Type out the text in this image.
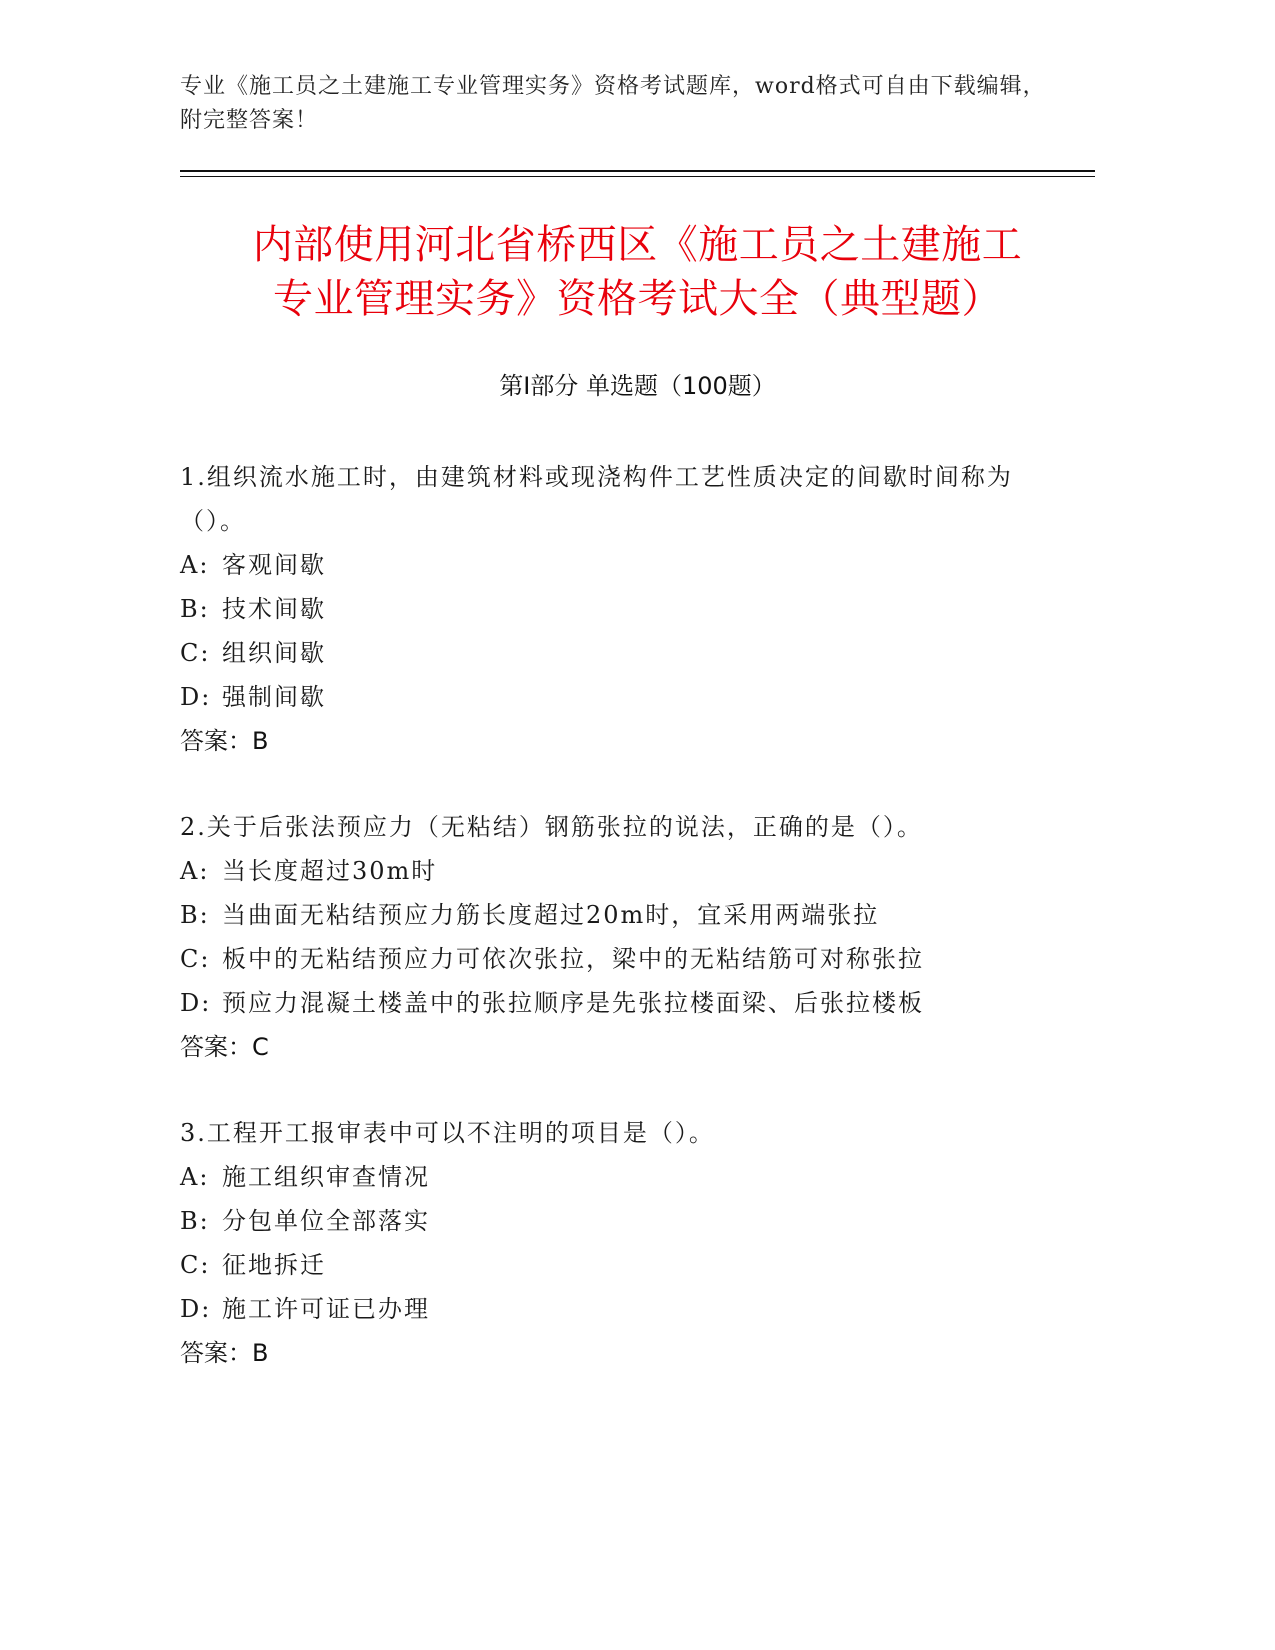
专业《施工员之土建施工专业管理实务》资格考试题库，word格式可自由下载编辑，附完整答案！
内部使用河北省桥西区《施工员之土建施工
专业管理实务》资格考试大全（典型题）
第Ⅰ部分 单选题（100题）

1.组织流水施工时，由建筑材料或现浇构件工艺性质决定的间歇时间称为（）。

A: 客观间歇

B: 技术间歇

C: 组织间歇

D: 强制间歇

答案：B

2.关于后张法预应力（无粘结）钢筋张拉的说法，正确的是（）。

A: 当长度超过30m时

B: 当曲面无粘结预应力筋长度超过20m时，宜采用两端张拉

C: 板中的无粘结预应力可依次张拉，梁中的无粘结筋可对称张拉

D: 预应力混凝土楼盖中的张拉顺序是先张拉楼面梁、后张拉楼板

答案：C

3.工程开工报审表中可以不注明的项目是（）。

A: 施工组织审查情况

B: 分包单位全部落实

C: 征地拆迁

D: 施工许可证已办理

答案：B
